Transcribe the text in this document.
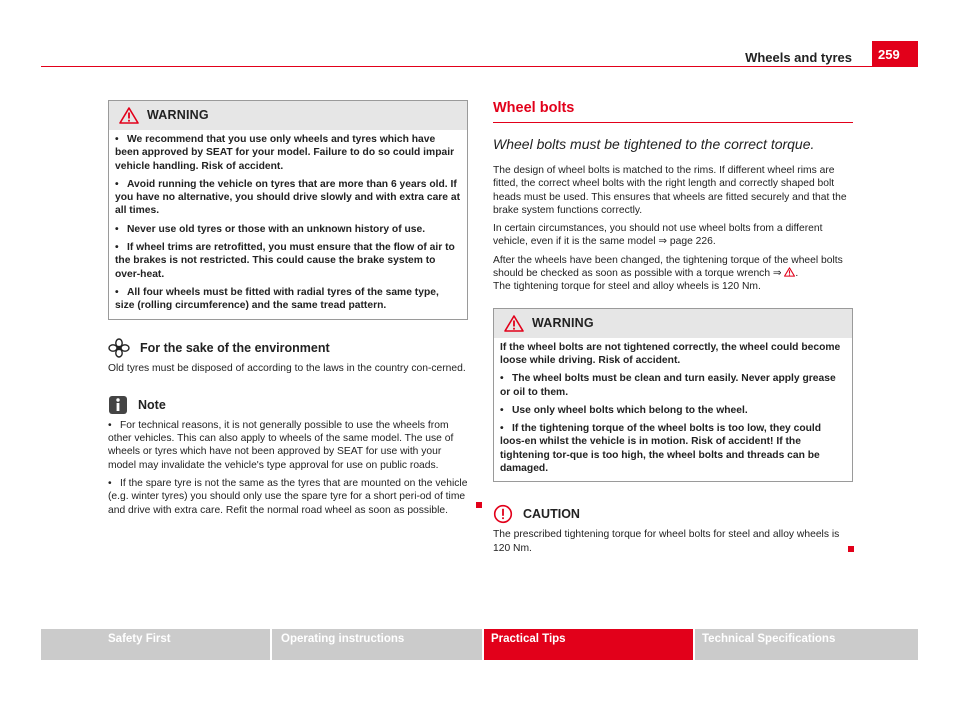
Wheels and tyres	259
WARNING

• We recommend that you use only wheels and tyres which have been approved by SEAT for your model. Failure to do so could impair vehicle handling. Risk of accident.

• Avoid running the vehicle on tyres that are more than 6 years old. If you have no alternative, you should drive slowly and with extra care at all times.

• Never use old tyres or those with an unknown history of use.

• If wheel trims are retrofitted, you must ensure that the flow of air to the brakes is not restricted. This could cause the brake system to over-heat.

• All four wheels must be fitted with radial tyres of the same type, size (rolling circumference) and the same tread pattern.

For the sake of the environment
Old tyres must be disposed of according to the laws in the country con-cerned.
Note

• For technical reasons, it is not generally possible to use the wheels from other vehicles. This can also apply to wheels of the same model. The use of wheels or tyres which have not been approved by SEAT for use with your model may invalidate the vehicle's type approval for use on public roads.

• If the spare tyre is not the same as the tyres that are mounted on the vehicle (e.g. winter tyres) you should only use the spare tyre for a short peri-od of time and drive with extra care. Refit the normal road wheel as soon as possible.

Wheel bolts
Wheel bolts must be tightened to the correct torque.

The design of wheel bolts is matched to the rims. If different wheel rims are fitted, the correct wheel bolts with the right length and correctly shaped bolt heads must be used. This ensures that wheels are fitted securely and that the brake system functions correctly.

In certain circumstances, you should not use wheel bolts from a different vehicle, even if it is the same model ⇒ page 226.

After the wheels have been changed, the tightening torque of the wheel bolts should be checked as soon as possible with a torque wrench ⇒ .

The tightening torque for steel and alloy wheels is 120 Nm.

WARNING

If the wheel bolts are not tightened correctly, the wheel could become loose while driving. Risk of accident.

• The wheel bolts must be clean and turn easily. Never apply grease or oil to them.

• Use only wheel bolts which belong to the wheel.

• If the tightening torque of the wheel bolts is too low, they could loos-en whilst the vehicle is in motion. Risk of accident! If the tightening tor-que is too high, the wheel bolts and threads can be damaged.

CAUTION
The prescribed tightening torque for wheel bolts for steel and alloy wheels is 120 Nm.
Safety First	Operating instructions	Practical Tips	Technical Specifications
